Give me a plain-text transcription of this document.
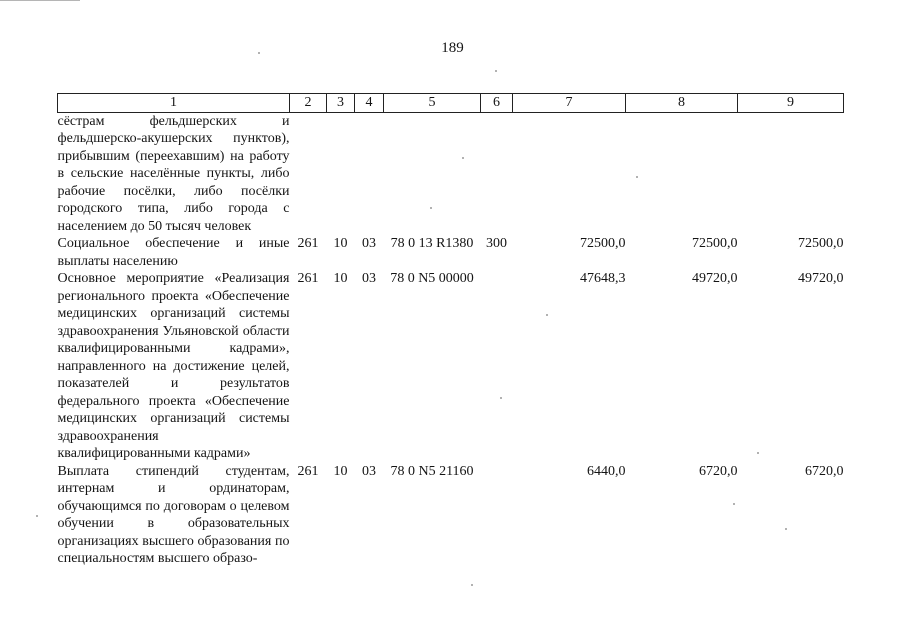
189
1	2	3	4	5	6	7	8	9
сёстрам фельдшерских и фельдшерско-акушерских пунктов), прибывшим (переехавшим) на работу в сельские населённые пункты, либо рабочие посёлки, либо посёлки городского типа, либо города с населением до 50 тысяч человек								
Социальное обеспечение и иные выплаты населению	261	10	03	78 0 13 R1380	300	72500,0	72500,0	72500,0
Основное мероприятие «Реализация регионального проекта «Обеспечение медицинских организаций системы здравоохранения Ульяновской области квалифицированными кадрами», направленного на достижение целей, показателей и результатов федерального проекта «Обеспечение медицинских организаций системы здравоохранения квалифицированными кадрами»	261	10	03	78 0 N5 00000		47648,3	49720,0	49720,0
Выплата стипендий студентам, интернам и ординаторам, обучающимся по договорам о целевом обучении в образовательных организациях высшего образования по специальностям высшего образо-	261	10	03	78 0 N5 21160		6440,0	6720,0	6720,0
